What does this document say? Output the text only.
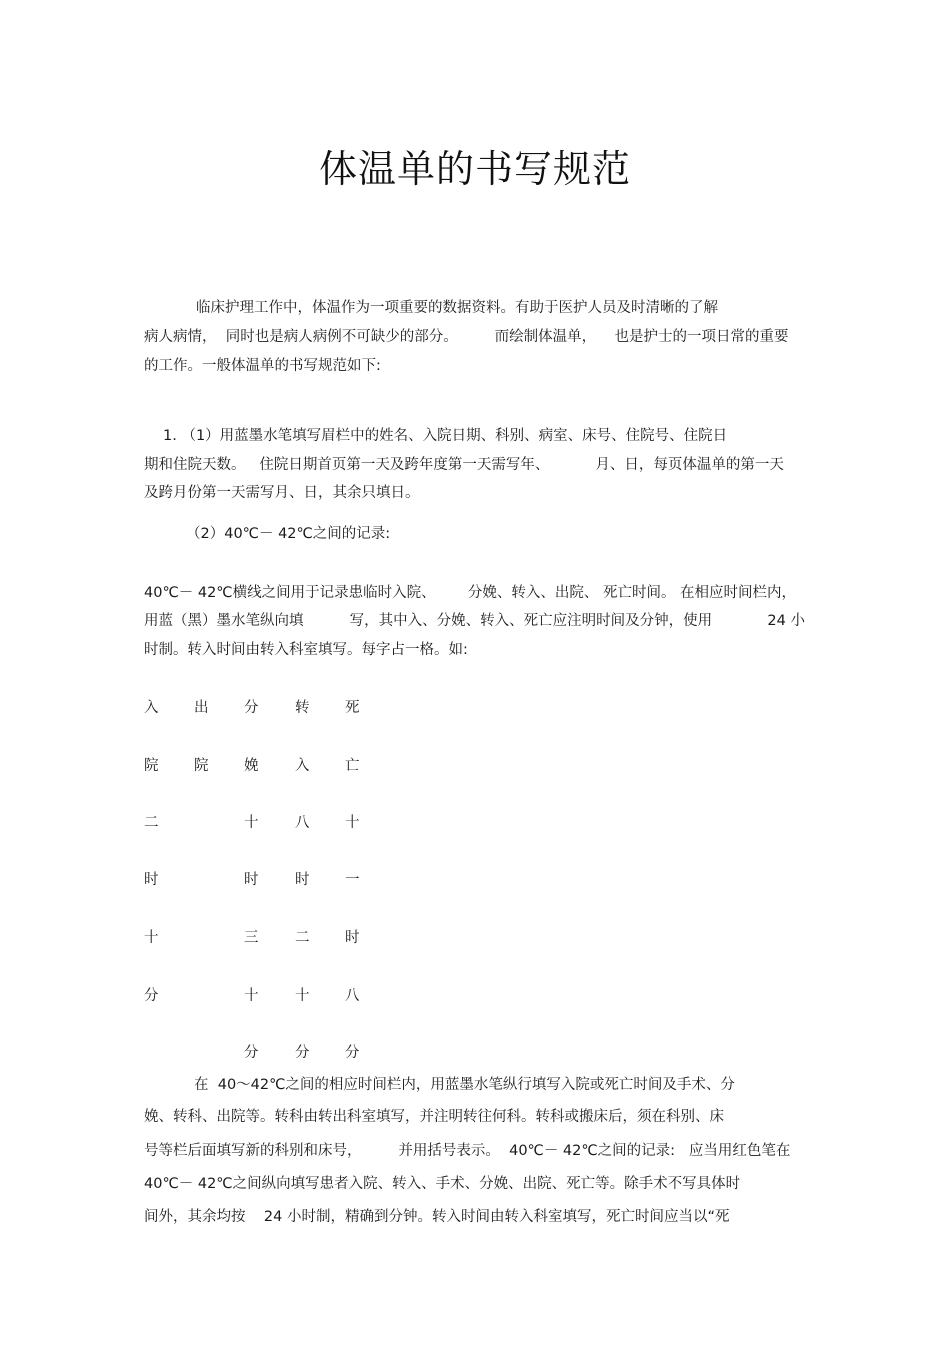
体温单的书写规范
临床护理工作中，体温作为一项重要的数据资料。有助于医护人员及时清晰的了解
病人病情，  同时也是病人病例不可缺少的部分。        而绘制体温单，    也是护士的一项日常的重要
的工作。一般体温单的书写规范如下:
1. （1）用蓝墨水笔填写眉栏中的姓名、入院日期、科别、病室、床号、住院号、住院日
期和住院天数。   住院日期首页第一天及跨年度第一天需写年、          月、日，每页体温单的第一天
及跨月份第一天需写月、日，其余只填日。
（2）40℃－ 42℃之间的记录:
40℃－ 42℃横线之间用于记录患临时入院、       分娩、转入、出院、 死亡时间。 在相应时间栏内，
用蓝（黑）墨水笔纵向填          写，其中入、分娩、转入、死亡应注明时间及分钟，使用            24 小
时制。转入时间由转入科室填写。每字占一格。如:
入
院
二
时
十
分
出
院
分
娩
十
时
三
十
分
转
入
八
时
二
十
分
死
亡
十
一
时
八
分
在  40～42℃之间的相应时间栏内，用蓝墨水笔纵行填写入院或死亡时间及手术、分
娩、转科、出院等。转科由转出科室填写，并注明转往何科。转科或搬床后，须在科别、床
号等栏后面填写新的科别和床号，        并用括号表示。  40℃－ 42℃之间的记录:   应当用红色笔在
40℃－ 42℃之间纵向填写患者入院、转入、手术、分娩、出院、死亡等。除手术不写具体时
间外，其余均按    24 小时制，精确到分钟。转入时间由转入科室填写，死亡时间应当以“死
